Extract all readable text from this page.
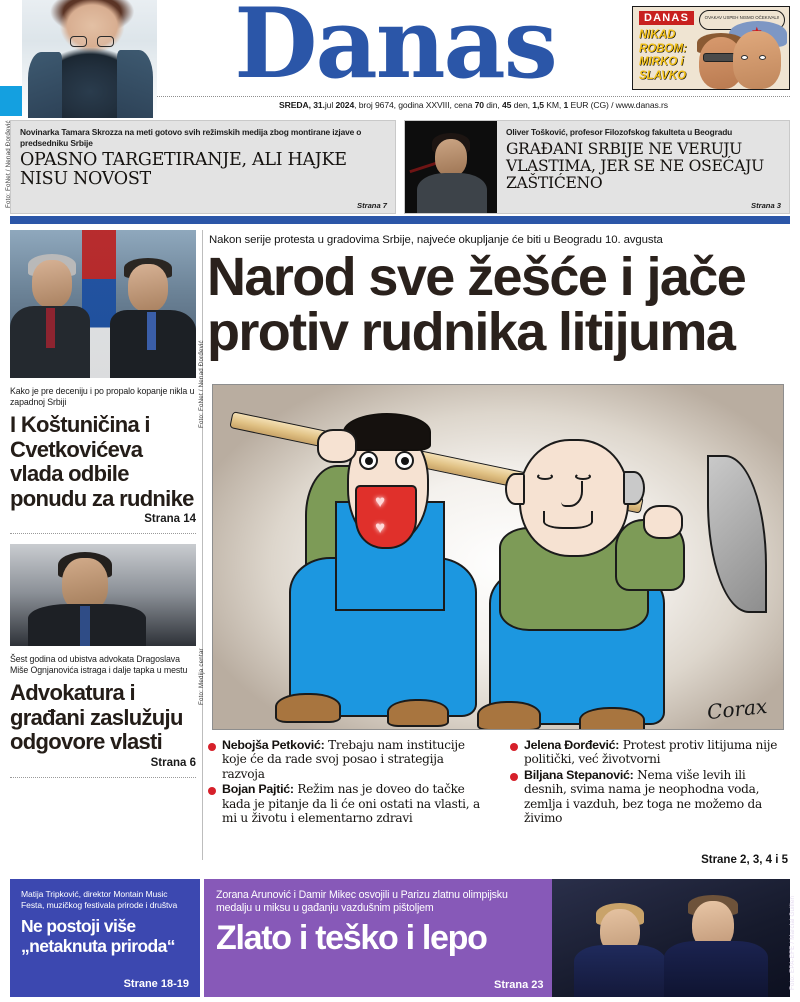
Foto: FoNet / Nenad Đorđević
Danas	DANAS	OVAKAV USPEH NISMO OČEKIVALI!
NIKAD ROBOM: MIRKO i SLAVKO
SREDA, 31.jul 2024, broj 9674, godina XXVIII, cena 70 din, 45 den, 1,5 KM, 1 EUR (CG) / www.danas.rs
Novinarka Tamara Skrozza na meti gotovo svih režimskih medija zbog montirane izjave o predsedniku Srbije
OPASNO TARGETIRANJE, ALI HAJKE NISU NOVOST
Strana 7
Oliver Tošković, profesor Filozofskog fakulteta u Beogradu
GRAĐANI SRBIJE NE VERUJU VLASTIMA, JER SE NE OSEĆAJU ZAŠTIĆENO
Strana 3
Nakon serije protesta u gradovima Srbije, najveće okupljanje će biti u Beogradu 10. avgusta
Narod sve žešće i jače protiv rudnika litijuma
Kako je pre deceniju i po propalo kopanje nikla u zapadnoj Srbiji
I Koštuničina i Cvetkovićeva vlada odbile ponudu za rudnike
Strana 14
Šest godina od ubistva advokata Dragoslava Miše Ognjanovića istraga i dalje tapka u mestu
Advokatura i građani zaslužuju odgovore vlasti
Strana 6
Foto: FoNet / Nenad Đorđević
Foto: Medija centar
♥
♥
Corax
Nebojša Petković: Trebaju nam institucije koje će da rade svoj posao i strategija razvoja
Bojan Pajtić: Režim nas je doveo do tačke kada je pitanje da li će oni ostati na vlasti, a mi u životu i elementarno zdravi
Jelena Đorđević: Protest protiv litijuma nije politički, već životvorni
Biljana Stepanović: Nema više levih ili desnih, svima nama je neophodna voda, zemlja i vazduh, bez toga ne možemo da živimo
Strane 2, 3, 4 i 5
Matija Tripković, direktor Montain Music Festa, muzičkog festivala prirode i društva
Ne postoji više „netaknuta priroda“
Strane 18-19
Zorana Arunović i Damir Mikec osvojili u Parizu zlatnu olimpijsku medalju u miksu u gađanju vazdušnim pištoljem
Zlato i teško i lepo
Strana 23	Foto: EPA-EFE / Marcial Guillen
